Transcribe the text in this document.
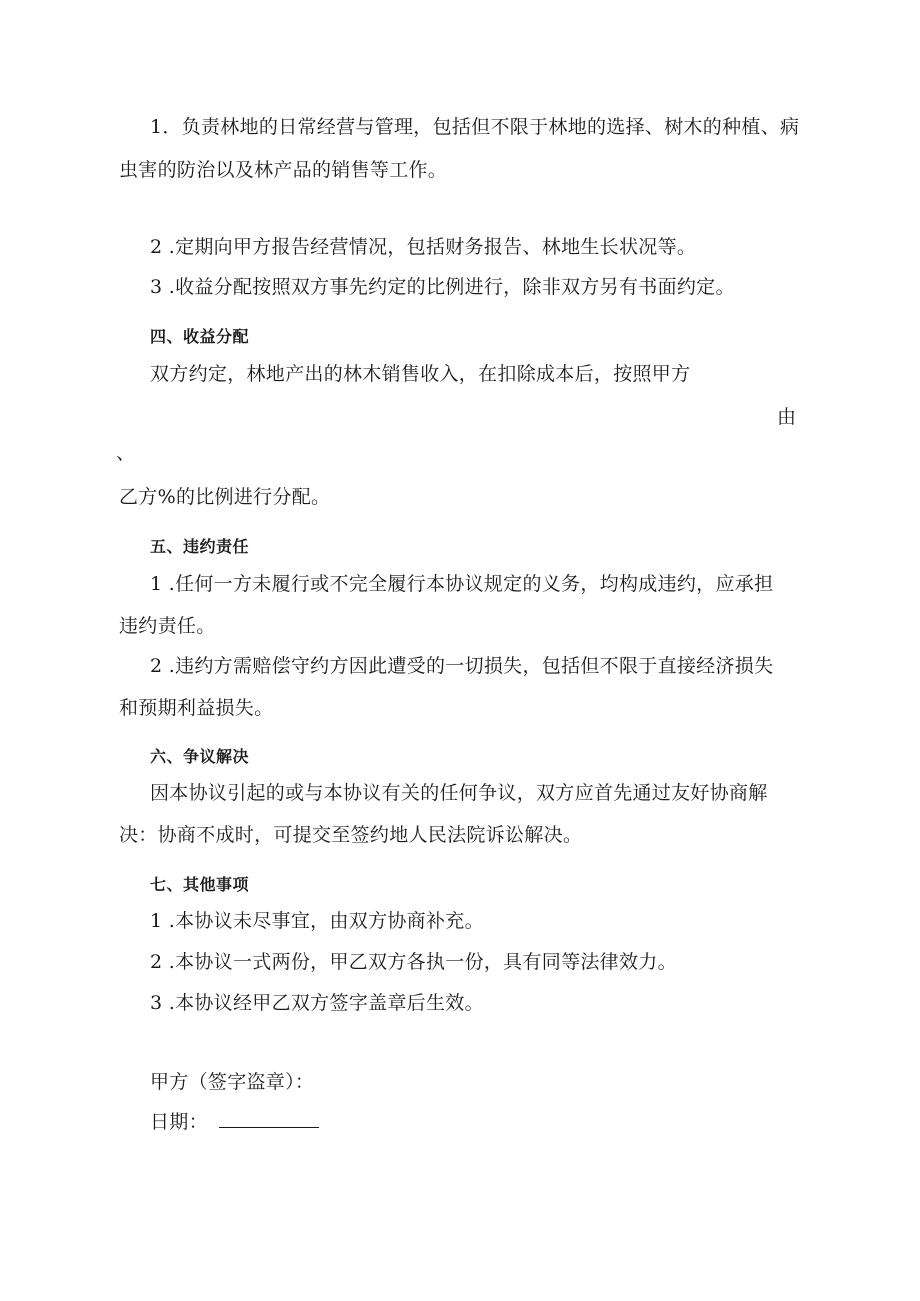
1．负责林地的日常经营与管理，包括但不限于林地的选择、树木的种植、病
虫害的防治以及林产品的销售等工作。
2 .定期向甲方报告经营情况，包括财务报告、林地生长状况等。
3 .收益分配按照双方事先约定的比例进行，除非双方另有书面约定。
四、收益分配
双方约定，林地产出的林木销售收入，在扣除成本后，按照甲方
由
、
乙方%的比例进行分配。
五、违约责任
1 .任何一方未履行或不完全履行本协议规定的义务，均构成违约，应承担
违约责任。
2 .违约方需赔偿守约方因此遭受的一切损失，包括但不限于直接经济损失
和预期利益损失。
六、争议解决
因本协议引起的或与本协议有关的任何争议，双方应首先通过友好协商解
决：协商不成时，可提交至签约地人民法院诉讼解决。
七、其他事项
1 .本协议未尽事宜，由双方协商补充。
2 .本协议一式两份，甲乙双方各执一份，具有同等法律效力。
3 .本协议经甲乙双方签字盖章后生效。
甲方（签字盗章）：
日期：
